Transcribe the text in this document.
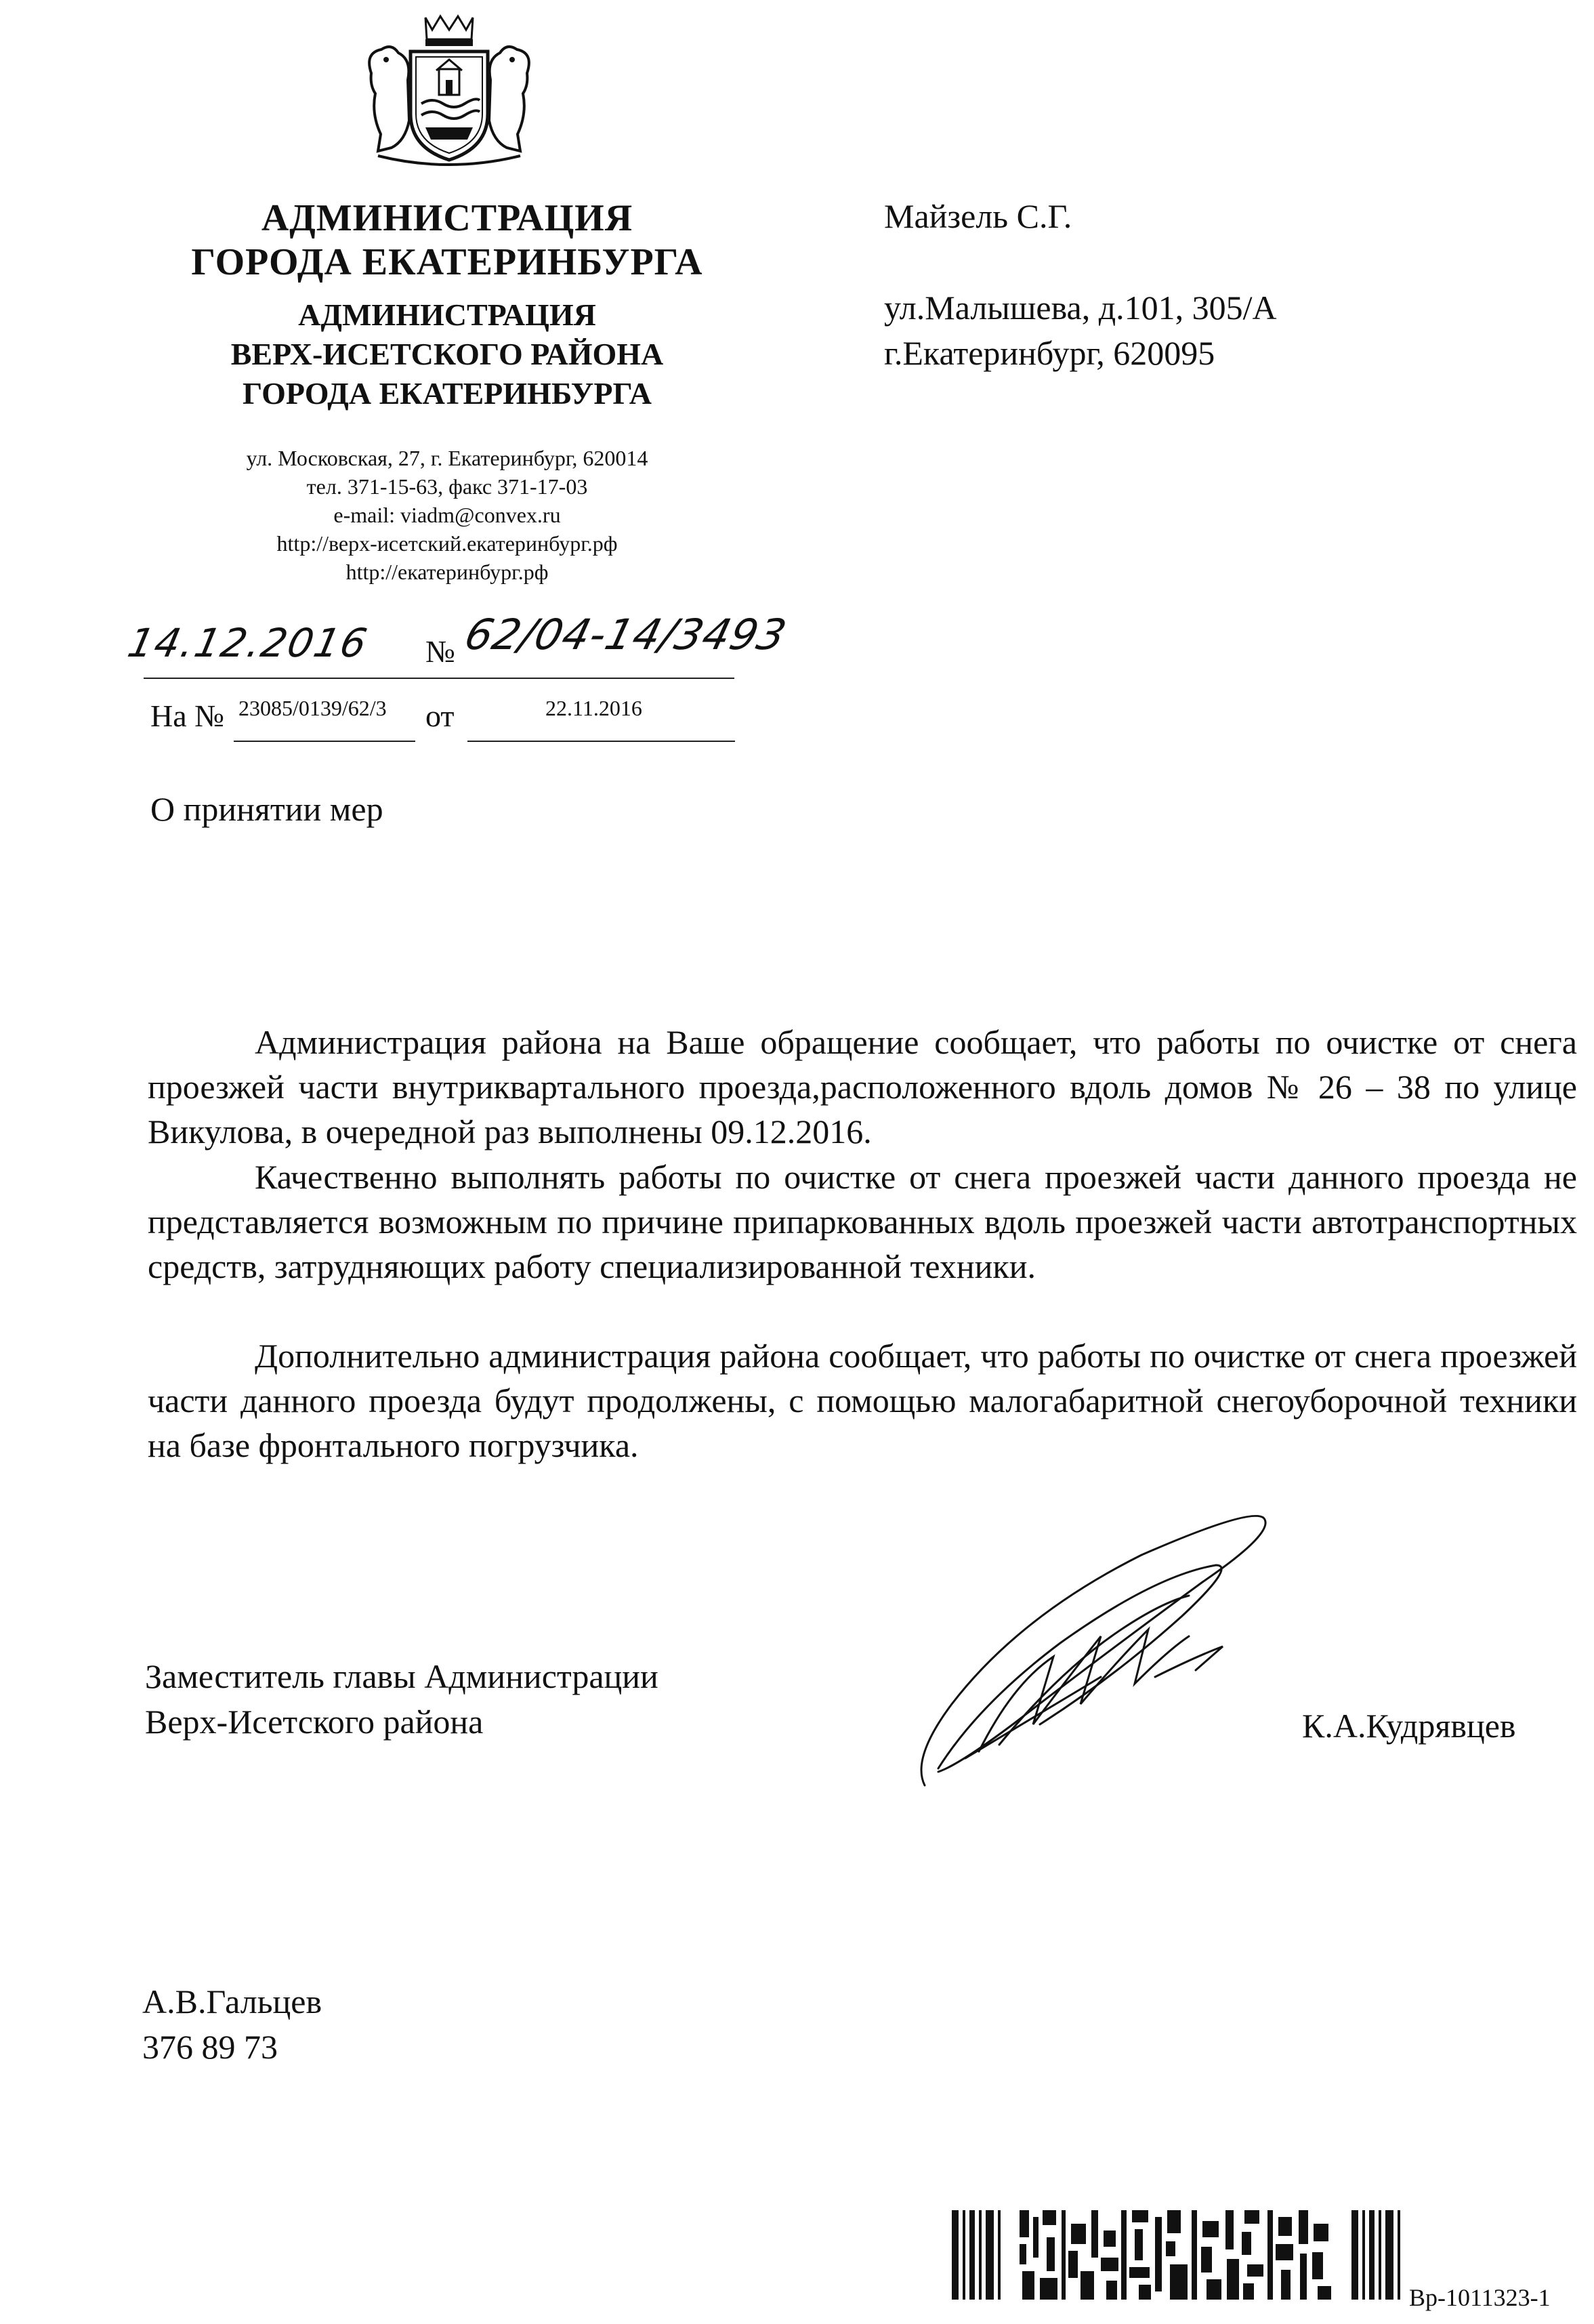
АДМИНИСТРАЦИЯ
ГОРОДА ЕКАТЕРИНБУРГА
АДМИНИСТРАЦИЯ
ВЕРХ-ИСЕТСКОГО РАЙОНА
ГОРОДА ЕКАТЕРИНБУРГА
ул. Московская, 27, г. Екатеринбург, 620014
тел. 371-15-63, факс 371-17-03
e-mail: viadm@convex.ru
http://верх-исетский.екатеринбург.рф
http://екатеринбург.рф
Майзель С.Г.
ул.Малышева, д.101, 305/А
г.Екатеринбург, 620095
14.12.2016 № 62/04-14/3493
На № 23085/0139/62/3 от	22.11.2016
О принятии мер

Администрация района на Ваше обращение сообщает, что работы по очистке от снега проезжей части внутриквартального проезда,расположенного вдоль домов № 26 – 38 по улице Викулова, в очередной раз выполнены 09.12.2016.

Качественно выполнять работы по очистке от снега проезжей части данного проезда не представляется возможным по причине припаркованных вдоль проезжей части автотранспортных средств, затрудняющих работу специализированной техники.

Дополнительно администрация района сообщает, что работы по очистке от снега проезжей части данного проезда будут продолжены, с помощью малогабаритной снегоуборочной техники на базе фронтального погрузчика.

Заместитель главы Администрации
Верх-Исетского района	К.А.Кудрявцев
А.В.Гальцев
376 89 73
Вр-1011323-1
